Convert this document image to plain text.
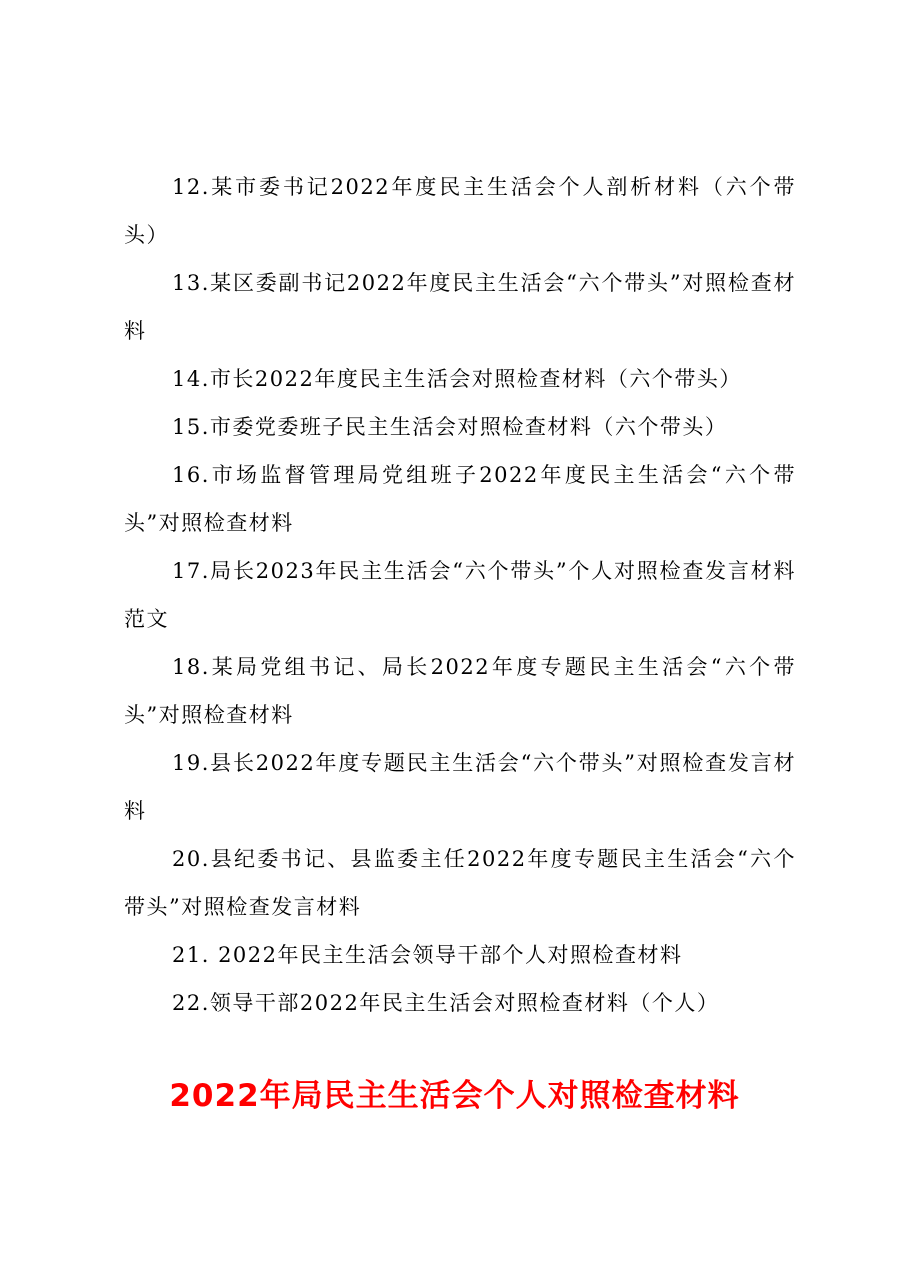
12.某市委书记2022年度民主生活会个人剖析材料（六个带头）

13.某区委副书记2022年度民主生活会“六个带头”对照检查材料

14.市长2022年度民主生活会对照检查材料（六个带头）

15.市委党委班子民主生活会对照检查材料（六个带头）

16.市场监督管理局党组班子2022年度民主生活会“六个带头”对照检查材料

17.局长2023年民主生活会“六个带头”个人对照检查发言材料范文

18.某局党组书记、局长2022年度专题民主生活会“六个带头”对照检查材料

19.县长2022年度专题民主生活会“六个带头”对照检查发言材料

20.县纪委书记、县监委主任2022年度专题民主生活会“六个带头”对照检查发言材料

21. 2022年民主生活会领导干部个人对照检查材料

22.领导干部2022年民主生活会对照检查材料（个人）

2022年局民主生活会个人对照检查材料
